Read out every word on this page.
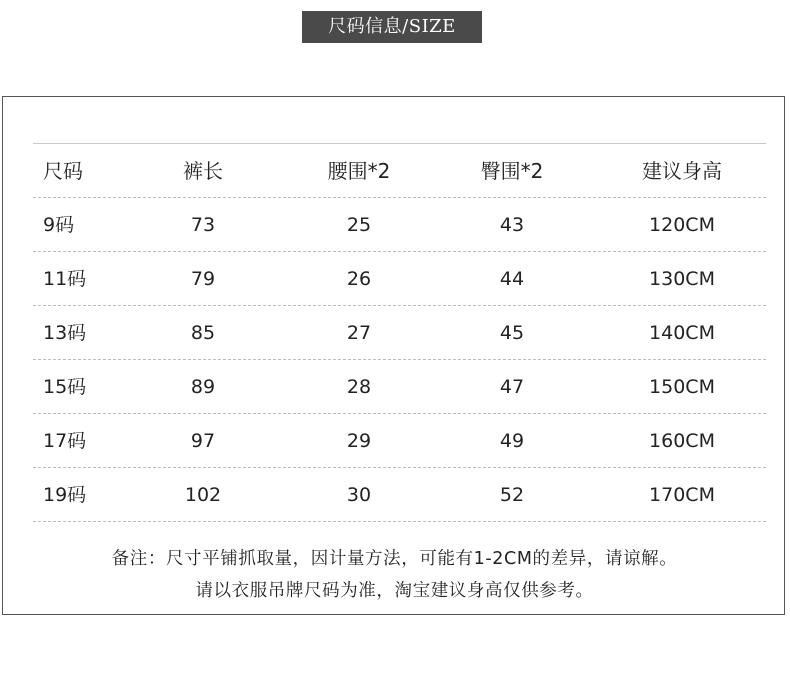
尺码信息/SIZE
尺码	裤长	腰围*2	臀围*2	建议身高
9码	73	25	43	120CM
11码	79	26	44	130CM
13码	85	27	45	140CM
15码	89	28	47	150CM
17码	97	29	49	160CM
19码	102	30	52	170CM
备注：尺寸平铺抓取量，因计量方法，可能有1-2CM的差异，请谅解。
请以衣服吊牌尺码为准，淘宝建议身高仅供参考。
